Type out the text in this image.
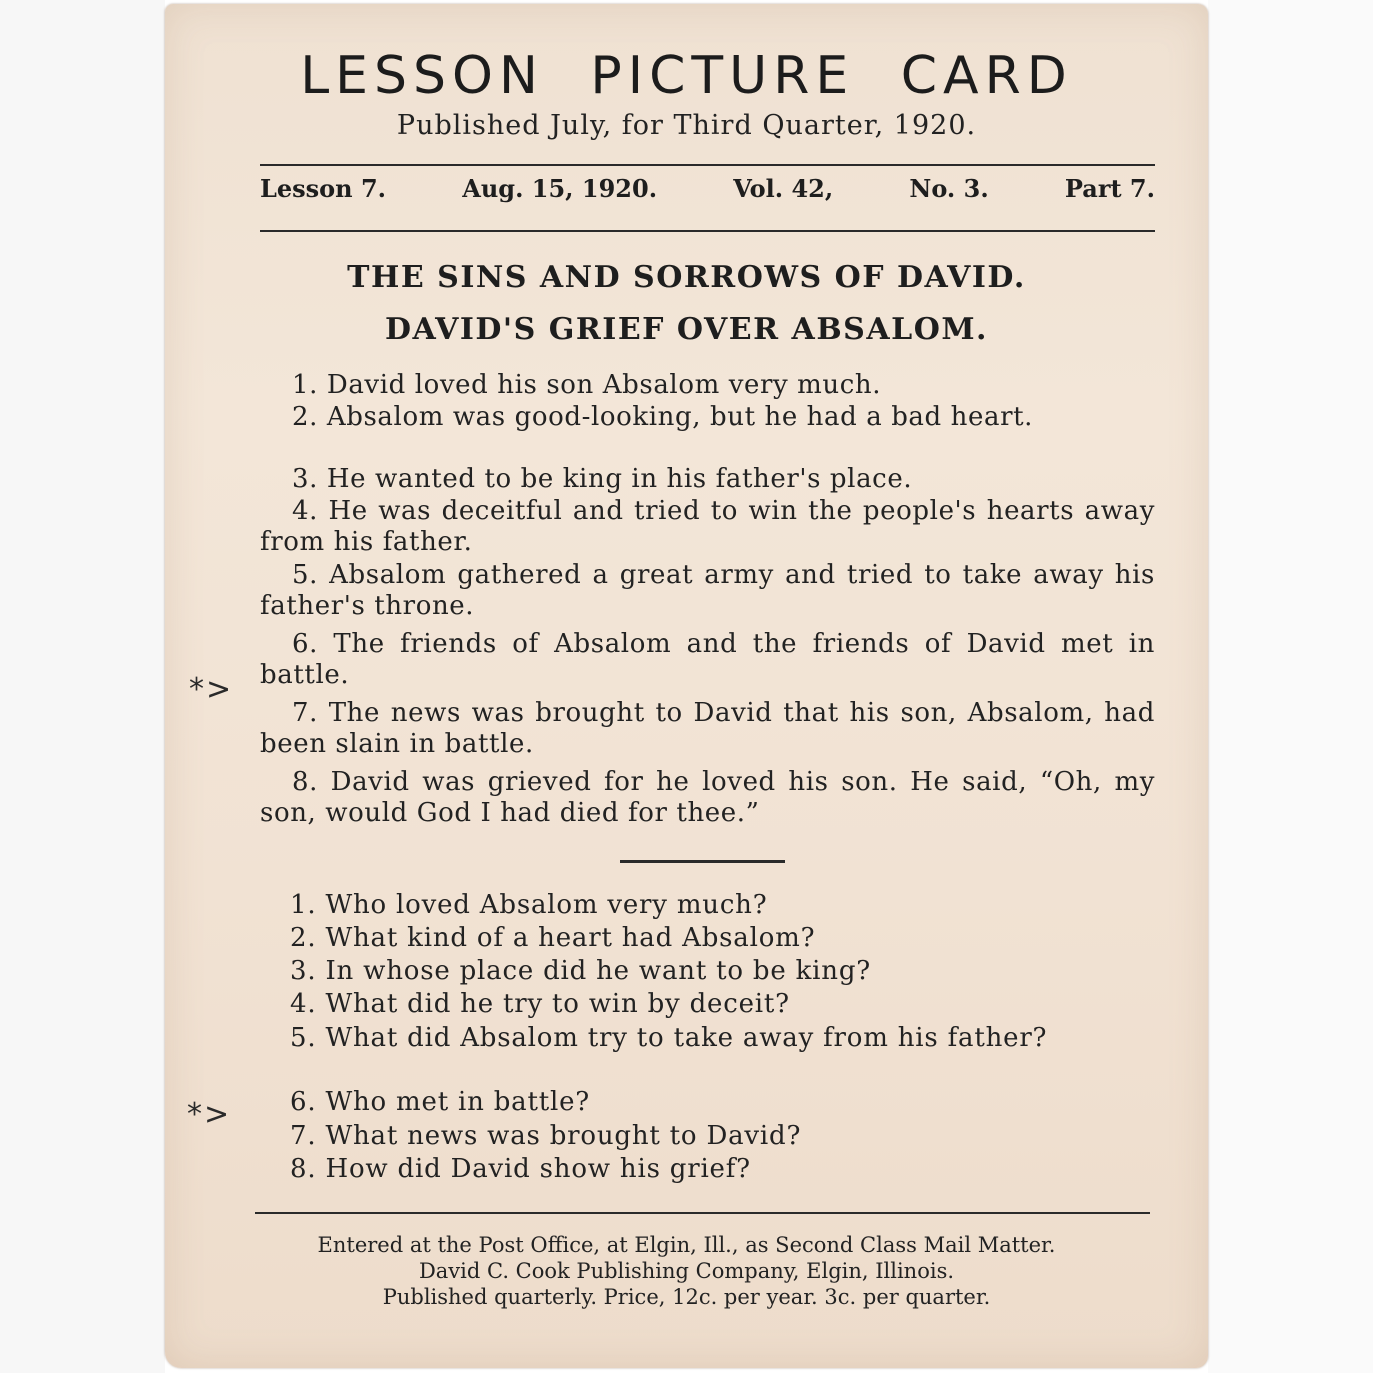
LESSON PICTURE CARD
Published July, for Third Quarter, 1920.
Lesson 7.	Aug. 15, 1920.	Vol. 42,	No. 3.	Part 7.
THE SINS AND SORROWS OF DAVID.
DAVID'S GRIEF OVER ABSALOM.

1. David loved his son Absalom very much.

2. Absalom was good-looking, but he had a bad heart.

3. He wanted to be king in his father's place.

4. He was deceitful and tried to win the people's hearts away from his father.

5. Absalom gathered a great army and tried to take away his father's throne.

6. The friends of Absalom and the friends of David met in battle.

*>

7. The news was brought to David that his son, Absalom, had been slain in battle.

8. David was grieved for he loved his son. He said, “Oh, my son, would God I had died for thee.”

1. Who loved Absalom very much?

2. What kind of a heart had Absalom?

3. In whose place did he want to be king?

4. What did he try to win by deceit?

5. What did Absalom try to take away from his father?

*> 6. Who met in battle?

7. What news was brought to David?

8. How did David show his grief?

Entered at the Post Office, at Elgin, Ill., as Second Class Mail Matter.
David C. Cook Publishing Company, Elgin, Illinois.
Published quarterly. Price, 12c. per year. 3c. per quarter.
